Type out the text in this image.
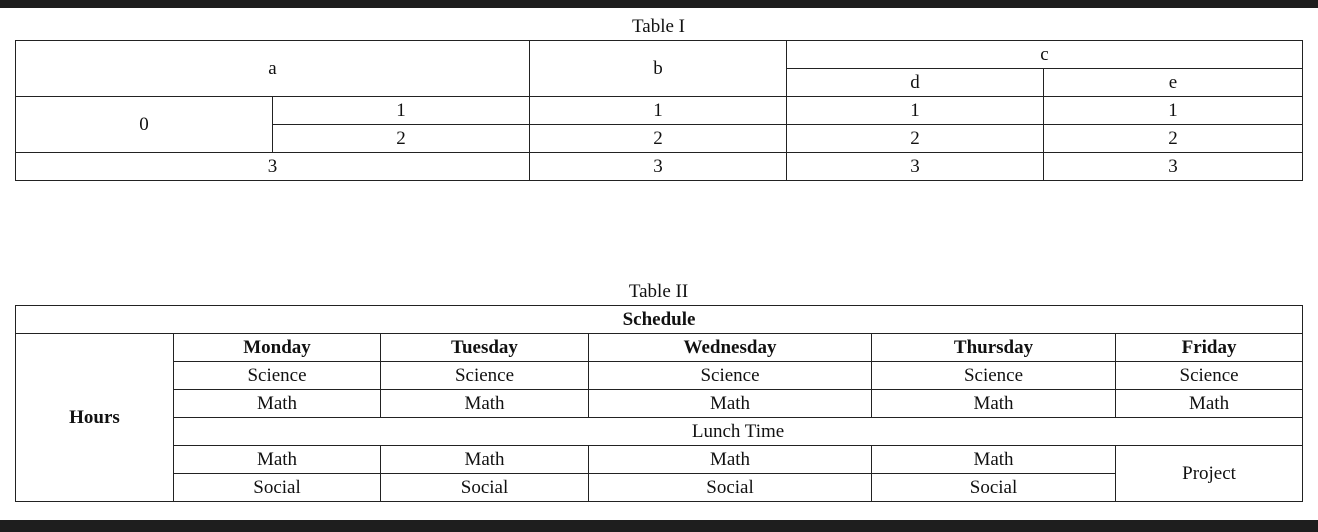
Table I
a		b	c	
			d	e
0	1	1	1	1
	2	2	2	2
3		3	3	3
Table II
Schedule					
Hours	Monday	Tuesday	Wednesday	Thursday	Friday
	Science	Science	Science	Science	Science
	Math	Math	Math	Math	Math
	Lunch Time				
	Math	Math	Math	Math	Project
	Social	Social	Social	Social	
